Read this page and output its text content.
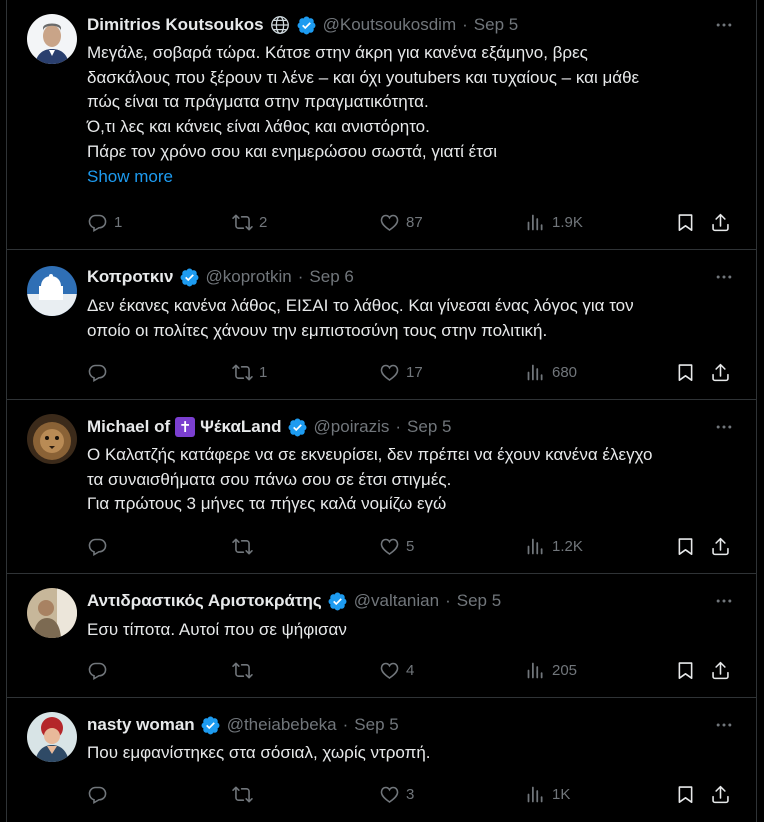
Dimitrios Koutsoukos	@Koutsoukosdim · Sep 5

Μεγάλε, σοβαρά τώρα. Κάτσε στην άκρη για κανένα εξάμηνο, βρες

δασκάλους που ξέρουν τι λένε – και όχι youtubers και τυχαίους – και μάθε

πώς είναι τα πράγματα στην πραγματικότητα.

Ό,τι λες και κάνεις είναι λάθος και ανιστόρητο.

Πάρε τον χρόνο σου και ενημερώσου σωστά, γιατί έτσι

Show more

1	2	87	1.9K
Κοπροτκιν @koprotkin · Sep 6

Δεν έκανες κανένα λάθος, ΕΙΣΑΙ το λάθος. Και γίνεσαι ένας λόγος για τον

οποίο οι πολίτες χάνουν την εμπιστοσύνη τους στην πολιτική.

1	17	680
Michael of ✝ ΨέκαLand @poirazis · Sep 5

Ο Καλατζής κατάφερε να σε εκνευρίσει, δεν πρέπει να έχουν κανένα έλεγχο

τα συναισθήματα σου πάνω σου σε έτσι στιγμές.

Για πρώτους 3 μήνες τα πήγες καλά νομίζω εγώ

5	1.2K
Αντιδραστικός Αριστοκράτης @valtanian · Sep 5

Εσυ τίποτα. Αυτοί που σε ψήφισαν

4	205
nasty woman @theiabebeka · Sep 5

Που εμφανίστηκες στα σόσιαλ, χωρίς ντροπή.

3	1K
